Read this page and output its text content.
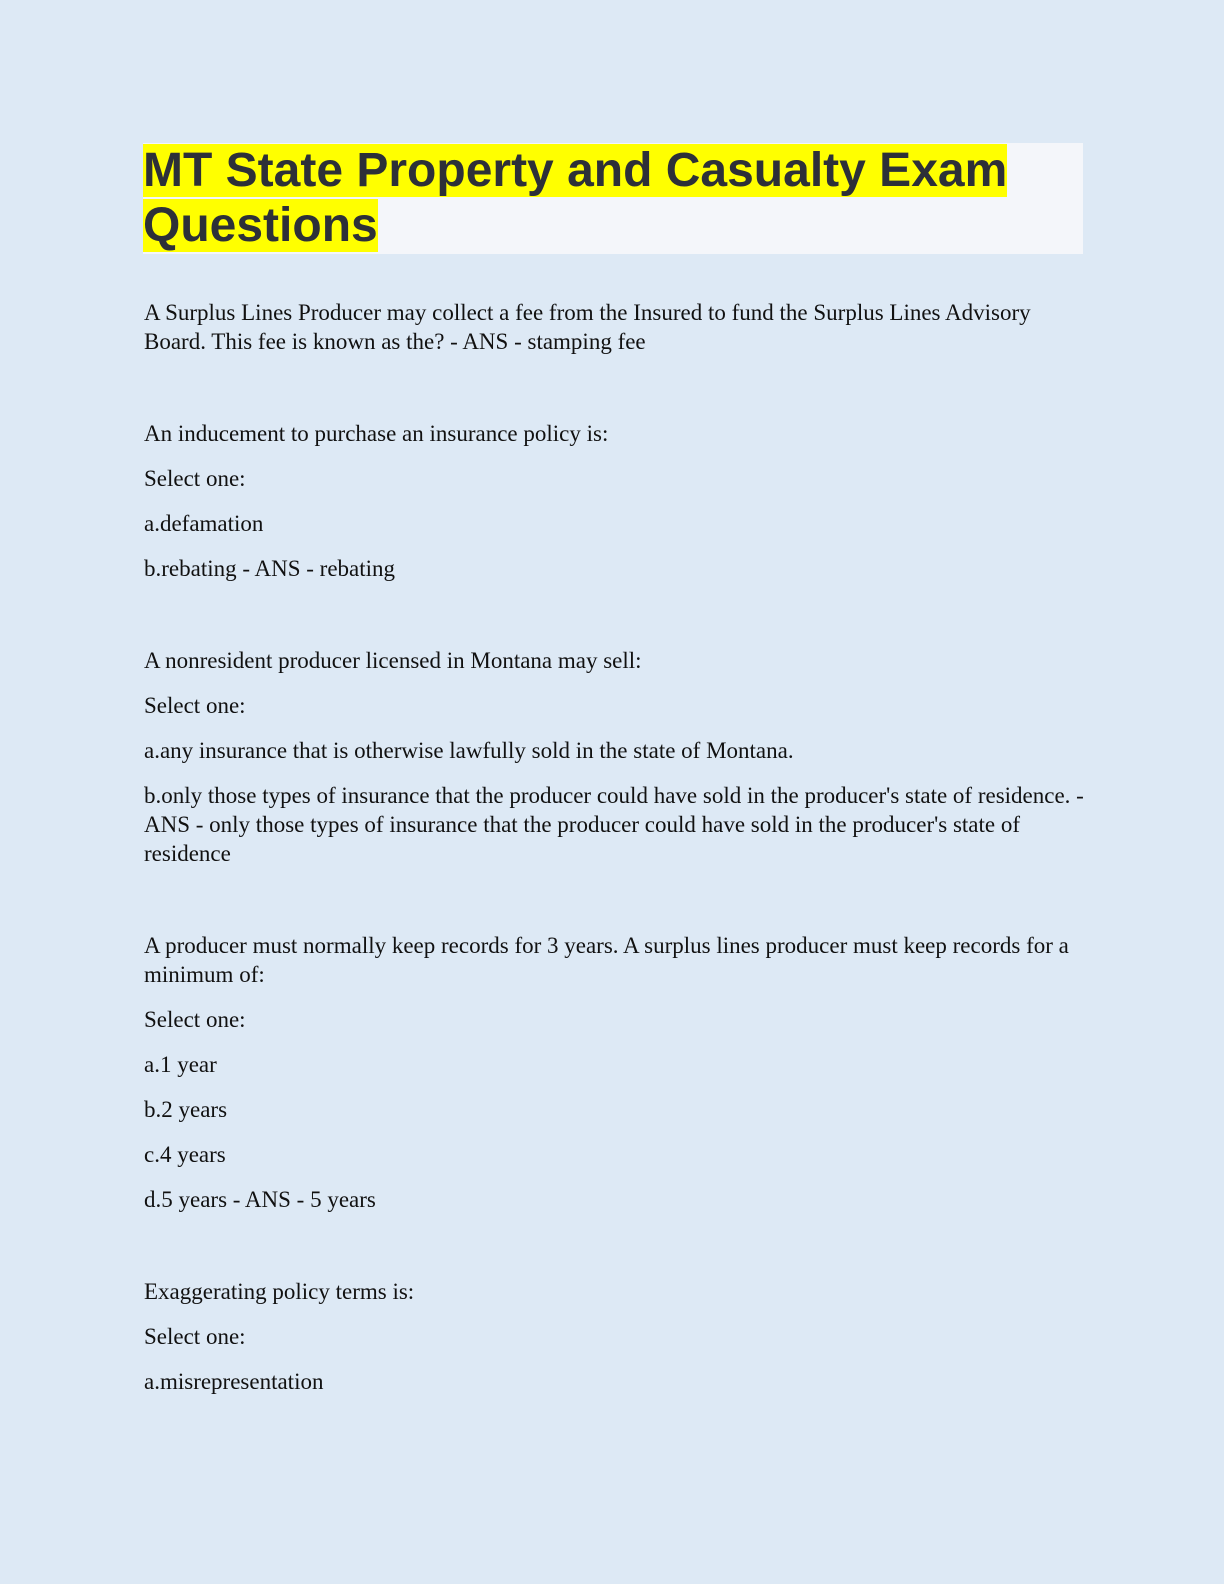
MT State Property and Casualty Exam
Questions

A Surplus Lines Producer may collect a fee from the Insured to fund the Surplus Lines Advisory Board. This fee is known as the? - ANS - stamping fee

An inducement to purchase an insurance policy is:

Select one:

a.defamation

b.rebating - ANS - rebating

A nonresident producer licensed in Montana may sell:

Select one:

a.any insurance that is otherwise lawfully sold in the state of Montana.

b.only those types of insurance that the producer could have sold in the producer's state of residence. - ANS - only those types of insurance that the producer could have sold in the producer's state of residence

A producer must normally keep records for 3 years. A surplus lines producer must keep records for a minimum of:

Select one:

a.1 year

b.2 years

c.4 years

d.5 years - ANS - 5 years

Exaggerating policy terms is:

Select one:

a.misrepresentation
